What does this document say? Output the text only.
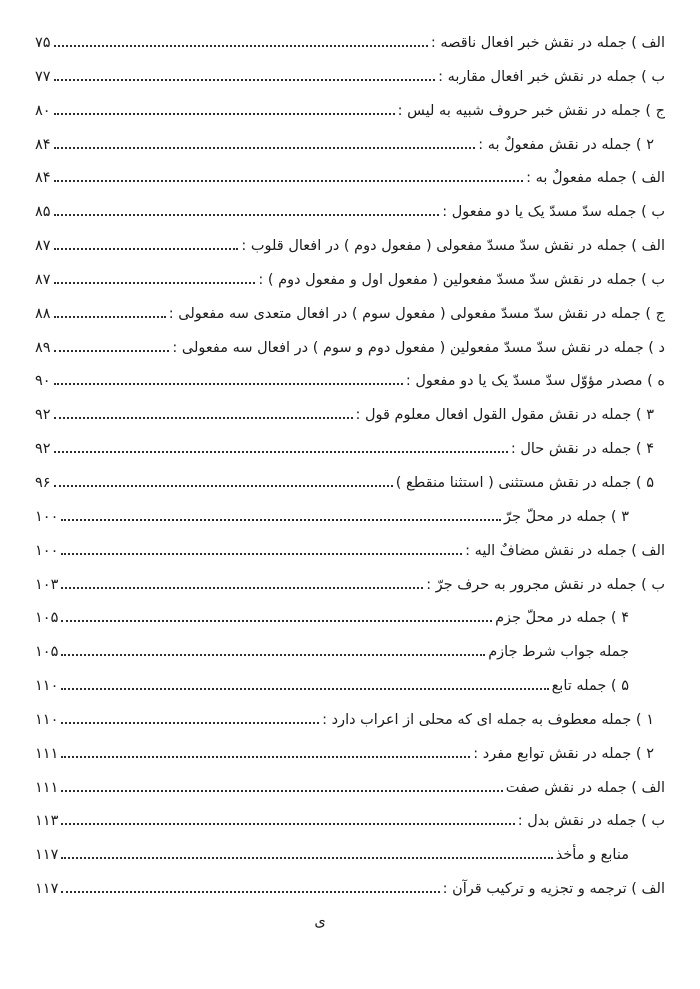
الف ) جمله در نقش خبر افعال ناقصه :
۷۵
ب ) جمله در نقش خبر افعال مقاربه :
۷۷
ج ) جمله در نقش خبر حروف شبیه به لیس :
۸۰
۲ ) جمله در نقش مفعولٌ به :
۸۴
الف ) جمله مفعولٌ به :
۸۴
ب ) جمله سدّ مسدّ یک یا دو مفعول :
۸۵
الف ) جمله در نقش سدّ مسدّ مفعولی ( مفعول دوم ) در افعال قلوب :
۸۷
ب ) جمله در نقش سدّ مسدّ مفعولین ( مفعول اول و مفعول دوم ) :
۸۷
ج ) جمله در نقش سدّ مسدّ مفعولی ( مفعول سوم ) در افعال متعدی سه مفعولی :
۸۸
د ) جمله در نقش سدّ مسدّ مفعولین ( مفعول دوم و سوم ) در افعال سه مفعولی :
۸۹
ه ) مصدر مؤوّل سدّ مسدّ یک یا دو مفعول :
۹۰
۳ ) جمله در نقش مقول القول افعال معلوم قول :
۹۲
۴ ) جمله در نقش حال :
۹۲
۵ ) جمله در نقش مستثنی ( استثنا منقطع )
۹۶
۳ ) جمله در محلّ جرّ
۱۰۰
الف ) جمله در نقش مضافٌ الیه :
۱۰۰
ب ) جمله در نقش مجرور به حرف جرّ :
۱۰۳
۴ ) جمله در محلّ جزم
۱۰۵
جمله جواب شرط جازم
۱۰۵
۵ ) جمله تابع
۱۱۰
۱ ) جمله معطوف به جمله ای که محلی از اعراب دارد :
۱۱۰
۲ ) جمله در نقش توابع مفرد :
۱۱۱
الف ) جمله در نقش صفت
۱۱۱
ب ) جمله در نقش بدل :
۱۱۳
منابع و مأخذ
۱۱۷
الف ) ترجمه و تجزیه و ترکیب قرآن :
۱۱۷
ی
